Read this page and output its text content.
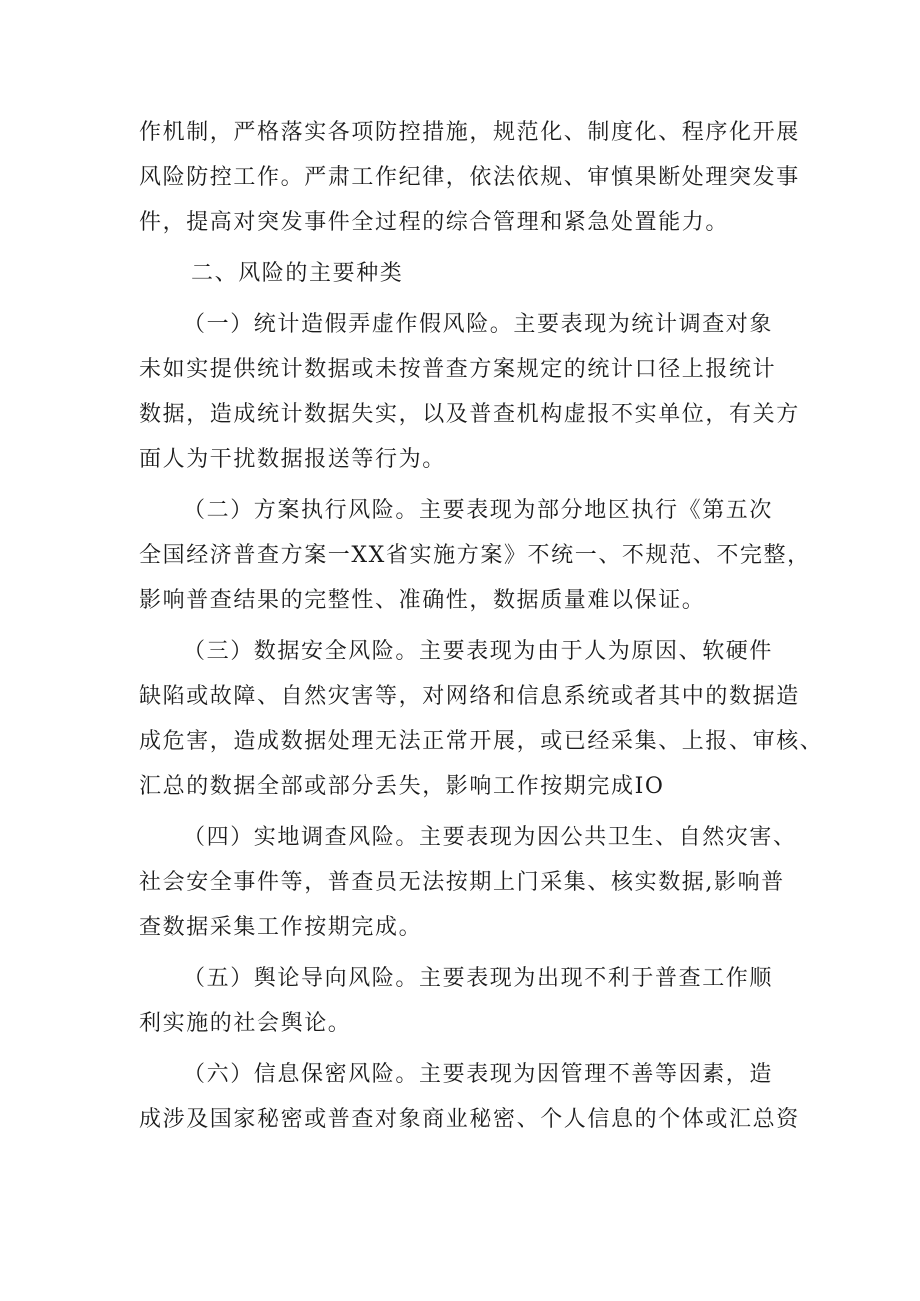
作机制，严格落实各项防控措施，规范化、制度化、程序化开展
风险防控工作。严肃工作纪律，依法依规、审慎果断处理突发事
件，提高对突发事件全过程的综合管理和紧急处置能力。

二、风险的主要种类

（一）统计造假弄虚作假风险。主要表现为统计调查对象
未如实提供统计数据或未按普查方案规定的统计口径上报统计
数据，造成统计数据失实，以及普查机构虚报不实单位，有关方
面人为干扰数据报送等行为。

（二）方案执行风险。主要表现为部分地区执行《第五次
全国经济普查方案一XX省实施方案》不统一、不规范、不完整，
影响普查结果的完整性、准确性，数据质量难以保证。

（三）数据安全风险。主要表现为由于人为原因、软硬件
缺陷或故障、自然灾害等，对网络和信息系统或者其中的数据造
成危害，造成数据处理无法正常开展，或已经采集、上报、审核、
汇总的数据全部或部分丢失，影响工作按期完成IO

（四）实地调查风险。主要表现为因公共卫生、自然灾害、
社会安全事件等，普查员无法按期上门采集、核实数据,影响普
查数据采集工作按期完成。

（五）舆论导向风险。主要表现为出现不利于普查工作顺
利实施的社会舆论。

（六）信息保密风险。主要表现为因管理不善等因素，造
成涉及国家秘密或普查对象商业秘密、个人信息的个体或汇总资
